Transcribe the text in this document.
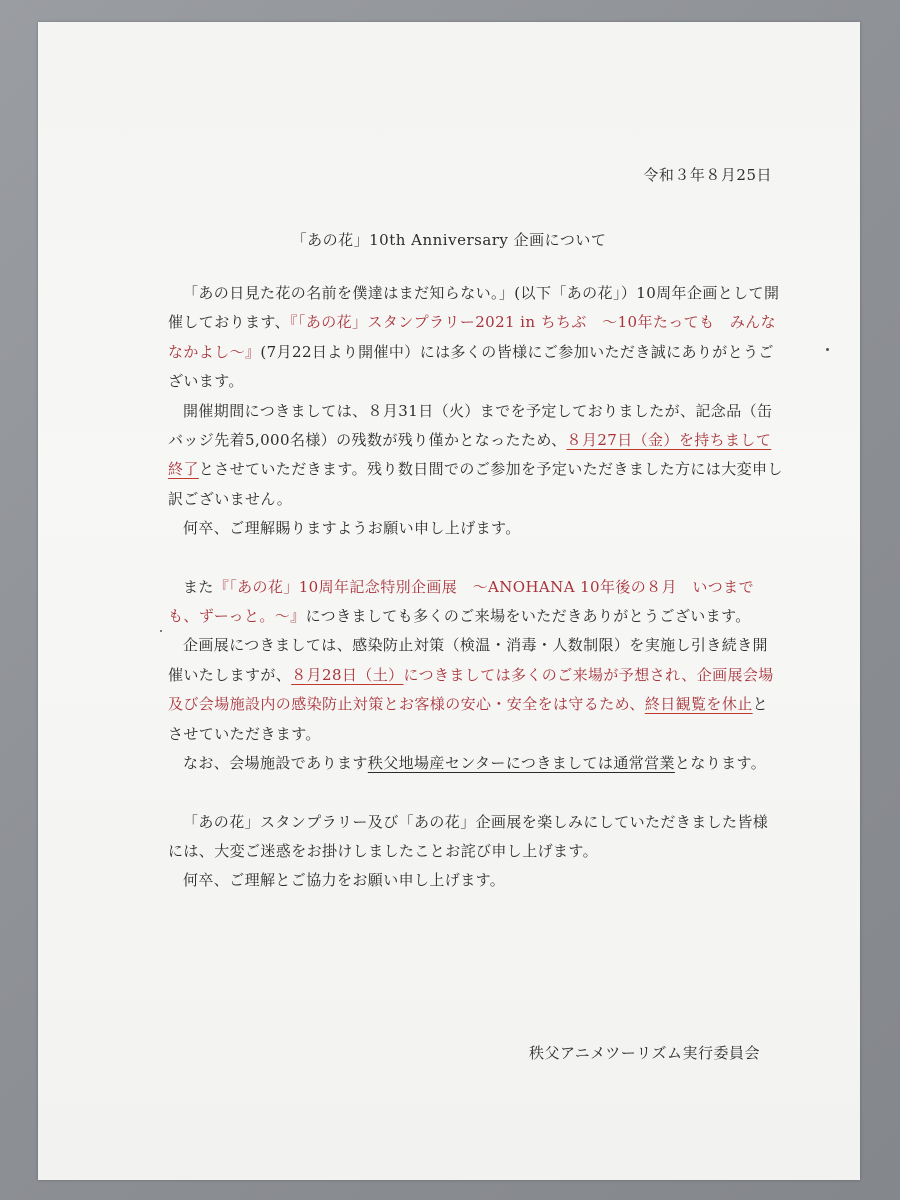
令和３年８月25日
「あの花」10th Anniversary 企画について

「あの日見た花の名前を僕達はまだ知らない。」(以下「あの花」）10周年企画として開催しております、『「あの花」スタンプラリー2021 in ちちぶ　～10年たっても　みんななかよし～』(7月22日より開催中）には多くの皆様にご参加いただき誠にありがとうございます。

開催期間につきましては、８月31日（火）までを予定しておりましたが、記念品（缶バッジ先着5,000名様）の残数が残り僅かとなったため、８月27日（金）を持ちまして終了とさせていただきます。残り数日間でのご参加を予定いただきました方には大変申し訳ございません。

何卒、ご理解賜りますようお願い申し上げます。

また『「あの花」10周年記念特別企画展　～ANOHANA 10年後の８月　いつまでも、ずーっと。～』につきましても多くのご来場をいただきありがとうございます。

企画展につきましては、感染防止対策（検温・消毒・人数制限）を実施し引き続き開催いたしますが、８月28日（土）につきましては多くのご来場が予想され、企画展会場及び会場施設内の感染防止対策とお客様の安心・安全をは守るため、終日観覧を休止とさせていただきます。

なお、会場施設であります秩父地場産センターにつきましては通常営業となります。

「あの花」スタンプラリー及び「あの花」企画展を楽しみにしていただきました皆様には、大変ご迷惑をお掛けしましたことお詫び申し上げます。

何卒、ご理解とご協力をお願い申し上げます。

秩父アニメツーリズム実行委員会
